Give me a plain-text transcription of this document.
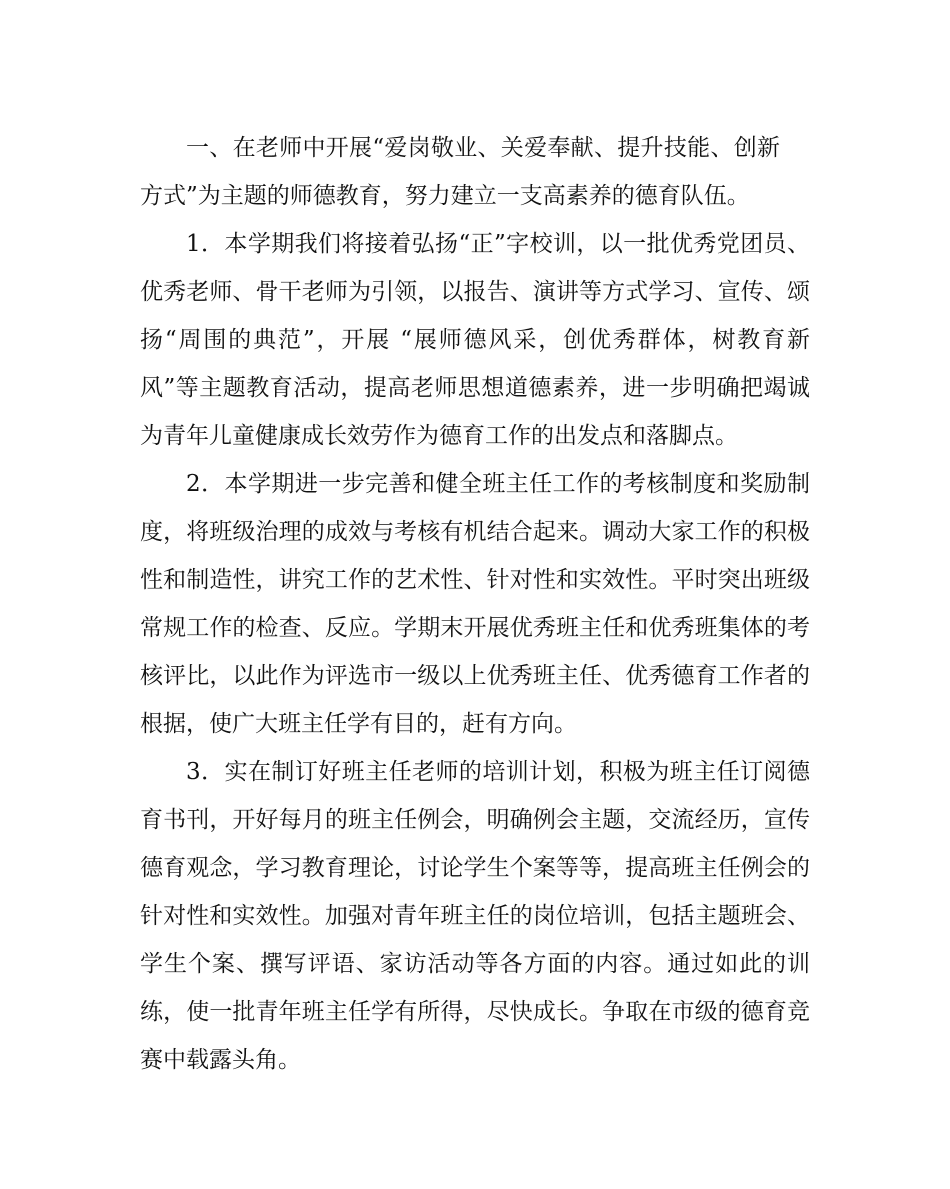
一、在老师中开展“爱岗敬业、关爱奉献、提升技能、创新方式”为主题的师德教育，努力建立一支高素养的德育队伍。

1．本学期我们将接着弘扬“正”字校训，以一批优秀党团员、优秀老师、骨干老师为引领，以报告、演讲等方式学习、宣传、颂扬“周围的典范”，开展 “展师德风采，创优秀群体，树教育新风”等主题教育活动，提高老师思想道德素养，进一步明确把竭诚为青年儿童健康成长效劳作为德育工作的出发点和落脚点。

2．本学期进一步完善和健全班主任工作的考核制度和奖励制度，将班级治理的成效与考核有机结合起来。调动大家工作的积极性和制造性，讲究工作的艺术性、针对性和实效性。平时突出班级常规工作的检查、反应。学期末开展优秀班主任和优秀班集体的考核评比，以此作为评选市一级以上优秀班主任、优秀德育工作者的根据，使广大班主任学有目的，赶有方向。

3．实在制订好班主任老师的培训计划，积极为班主任订阅德育书刊，开好每月的班主任例会，明确例会主题，交流经历，宣传德育观念，学习教育理论，讨论学生个案等等，提高班主任例会的针对性和实效性。加强对青年班主任的岗位培训，包括主题班会、学生个案、撰写评语、家访活动等各方面的内容。通过如此的训练，使一批青年班主任学有所得，尽快成长。争取在市级的德育竞赛中载露头角。
